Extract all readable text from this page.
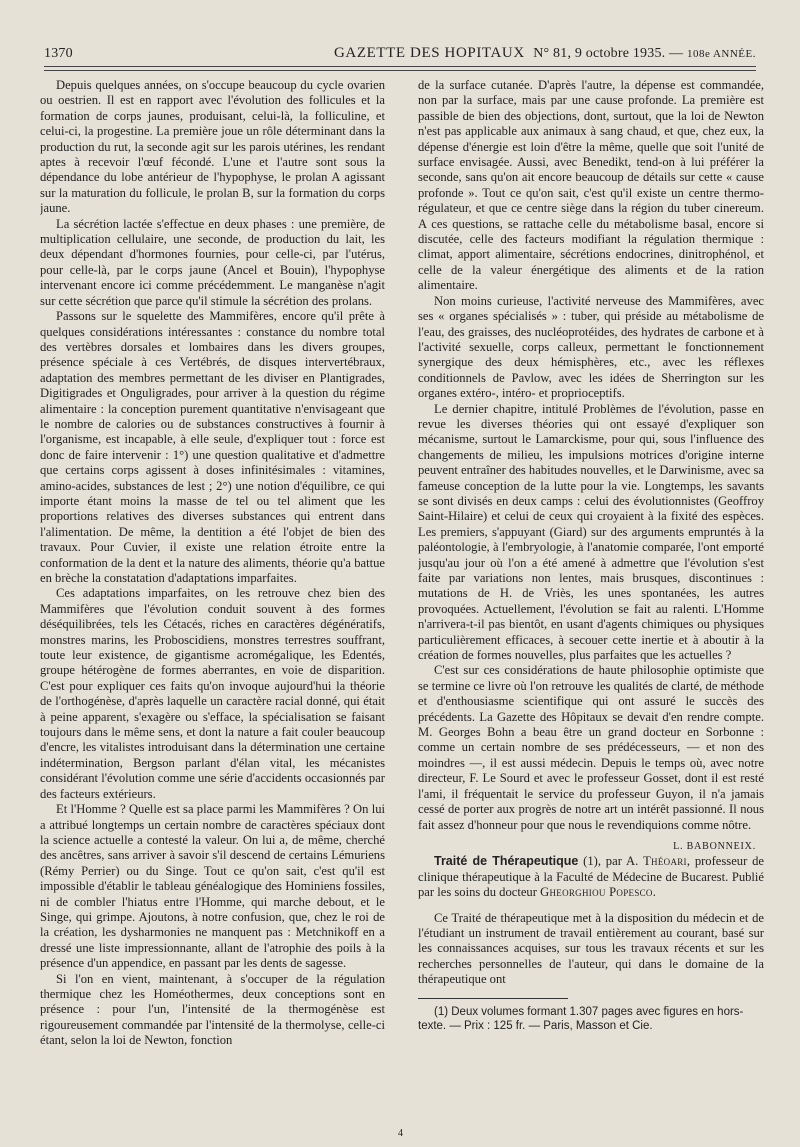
1370	GAZETTE DES HOPITAUX N° 81, 9 octobre 1935. — 108e ANNÉE.

Depuis quelques années, on s'occupe beaucoup du cycle ovarien ou oestrien. Il est en rapport avec l'évolution des follicules et la formation de corps jaunes, produisant, celui-là, la folliculine, et celui-ci, la progestine. La première joue un rôle déterminant dans la production du rut, la seconde agit sur les parois utérines, les rendant aptes à recevoir l'œuf fécondé. L'une et l'autre sont sous la dépendance du lobe antérieur de l'hypophyse, le prolan A agissant sur la maturation du follicule, le prolan B, sur la formation du corps jaune.

La sécrétion lactée s'effectue en deux phases : une première, de multiplication cellulaire, une seconde, de production du lait, les deux dépendant d'hormones fournies, pour celle-ci, par l'utérus, pour celle-là, par le corps jaune (Ancel et Bouin), l'hypophyse intervenant encore ici comme précédemment. Le manganèse n'agit sur cette sécrétion que parce qu'il stimule la sécrétion des prolans.

Passons sur le squelette des Mammifères, encore qu'il prête à quelques considérations intéressantes : constance du nombre total des vertèbres dorsales et lombaires dans les divers groupes, présence spéciale à ces Vertébrés, de disques intervertébraux, adaptation des membres permettant de les diviser en Plantigrades, Digitigrades et Onguligrades, pour arriver à la question du régime alimentaire : la conception purement quantitative n'envisageant que le nombre de calories ou de substances constructives à fournir à l'organisme, est incapable, à elle seule, d'expliquer tout : force est donc de faire intervenir : 1°) une question qualitative et d'admettre que certains corps agissent à doses infinitésimales : vitamines, amino-acides, substances de lest ; 2°) une notion d'équilibre, ce qui importe étant moins la masse de tel ou tel aliment que les proportions relatives des diverses substances qui entrent dans l'alimentation. De même, la dentition a été l'objet de bien des travaux. Pour Cuvier, il existe une relation étroite entre la conformation de la dent et la nature des aliments, théorie qu'a battue en brèche la constatation d'adaptations imparfaites.

Ces adaptations imparfaites, on les retrouve chez bien des Mammifères que l'évolution conduit souvent à des formes déséquilibrées, tels les Cétacés, riches en caractères dégénératifs, monstres marins, les Proboscidiens, monstres terrestres souffrant, toute leur existence, de gigantisme acromégalique, les Edentés, groupe hétérogène de formes aberrantes, en voie de disparition. C'est pour expliquer ces faits qu'on invoque aujourd'hui la théorie de l'orthogénèse, d'après laquelle un caractère racial donné, qui était à peine apparent, s'exagère ou s'efface, la spécialisation se faisant toujours dans le même sens, et dont la nature a fait couler beaucoup d'encre, les vitalistes introduisant dans la détermination une certaine indétermination, Bergson parlant d'élan vital, les mécanistes considérant l'évolution comme une série d'accidents occasionnés par des facteurs extérieurs.

Et l'Homme ? Quelle est sa place parmi les Mammifères ? On lui a attribué longtemps un certain nombre de caractères spéciaux dont la science actuelle a contesté la valeur. On lui a, de même, cherché des ancêtres, sans arriver à savoir s'il descend de certains Lémuriens (Rémy Perrier) ou du Singe. Tout ce qu'on sait, c'est qu'il est impossible d'établir le tableau généalogique des Hominiens fossiles, ni de combler l'hiatus entre l'Homme, qui marche debout, et le Singe, qui grimpe. Ajoutons, à notre confusion, que, chez le roi de la création, les dysharmonies ne manquent pas : Metchnikoff en a dressé une liste impressionnante, allant de l'atrophie des poils à la présence d'un appendice, en passant par les dents de sagesse.

Si l'on en vient, maintenant, à s'occuper de la régulation thermique chez les Homéothermes, deux conceptions sont en présence : pour l'un, l'intensité de la thermogénèse est rigoureusement commandée par l'intensité de la thermolyse, celle-ci étant, selon la loi de Newton, fonction

de la surface cutanée. D'après l'autre, la dépense est commandée, non par la surface, mais par une cause profonde. La première est passible de bien des objections, dont, surtout, que la loi de Newton n'est pas applicable aux animaux à sang chaud, et que, chez eux, la dépense d'énergie est loin d'être la même, quelle que soit l'unité de surface envisagée. Aussi, avec Benedikt, tend-on à lui préférer la seconde, sans qu'on ait encore beaucoup de détails sur cette « cause profonde ». Tout ce qu'on sait, c'est qu'il existe un centre thermo-régulateur, et que ce centre siège dans la région du tuber cinereum. A ces questions, se rattache celle du métabolisme basal, encore si discutée, celle des facteurs modifiant la régulation thermique : climat, apport alimentaire, sécrétions endocrines, dinitrophénol, et celle de la valeur énergétique des aliments et de la ration alimentaire.

Non moins curieuse, l'activité nerveuse des Mammifères, avec ses « organes spécialisés » : tuber, qui préside au métabolisme de l'eau, des graisses, des nucléoprotéides, des hydrates de carbone et à l'activité sexuelle, corps calleux, permettant le fonctionnement synergique des deux hémisphères, etc., avec les réflexes conditionnels de Pavlow, avec les idées de Sherrington sur les organes extéro-, intéro- et proprioceptifs.

Le dernier chapitre, intitulé Problèmes de l'évolution, passe en revue les diverses théories qui ont essayé d'expliquer son mécanisme, surtout le Lamarckisme, pour qui, sous l'influence des changements de milieu, les impulsions motrices d'origine interne peuvent entraîner des habitudes nouvelles, et le Darwinisme, avec sa fameuse conception de la lutte pour la vie. Longtemps, les savants se sont divisés en deux camps : celui des évolutionnistes (Geoffroy Saint-Hilaire) et celui de ceux qui croyaient à la fixité des espèces. Les premiers, s'appuyant (Giard) sur des arguments empruntés à la paléontologie, à l'embryologie, à l'anatomie comparée, l'ont emporté jusqu'au jour où l'on a été amené à admettre que l'évolution s'est faite par variations non lentes, mais brusques, discontinues : mutations de H. de Vriès, les unes spontanées, les autres provoquées. Actuellement, l'évolution se fait au ralenti. L'Homme n'arrivera-t-il pas bientôt, en usant d'agents chimiques ou physiques particulièrement efficaces, à secouer cette inertie et à aboutir à la création de formes nouvelles, plus parfaites que les actuelles ?

C'est sur ces considérations de haute philosophie optimiste que se termine ce livre où l'on retrouve les qualités de clarté, de méthode et d'enthousiasme scientifique qui ont assuré le succès des précédents. La Gazette des Hôpitaux se devait d'en rendre compte. M. Georges Bohn a beau être un grand docteur en Sorbonne : comme un certain nombre de ses prédécesseurs, — et non des moindres —, il est aussi médecin. Depuis le temps où, avec notre directeur, F. Le Sourd et avec le professeur Gosset, dont il est resté l'ami, il fréquentait le service du professeur Guyon, il n'a jamais cessé de porter aux progrès de notre art un intérêt passionné. Il nous fait assez d'honneur pour que nous le revendiquions comme nôtre.

L. BABONNEIX.

Traité de Thérapeutique (1), par A. Théoari, professeur de clinique thérapeutique à la Faculté de Médecine de Bucarest. Publié par les soins du docteur Gheorghiou Popesco.

Ce Traité de thérapeutique met à la disposition du médecin et de l'étudiant un instrument de travail entièrement au courant, basé sur les connaissances acquises, sur tous les travaux récents et sur les recherches personnelles de l'auteur, qui dans le domaine de la thérapeutique ont

(1) Deux volumes formant 1.307 pages avec figures en hors-texte. — Prix : 125 fr. — Paris, Masson et Cie.

4
